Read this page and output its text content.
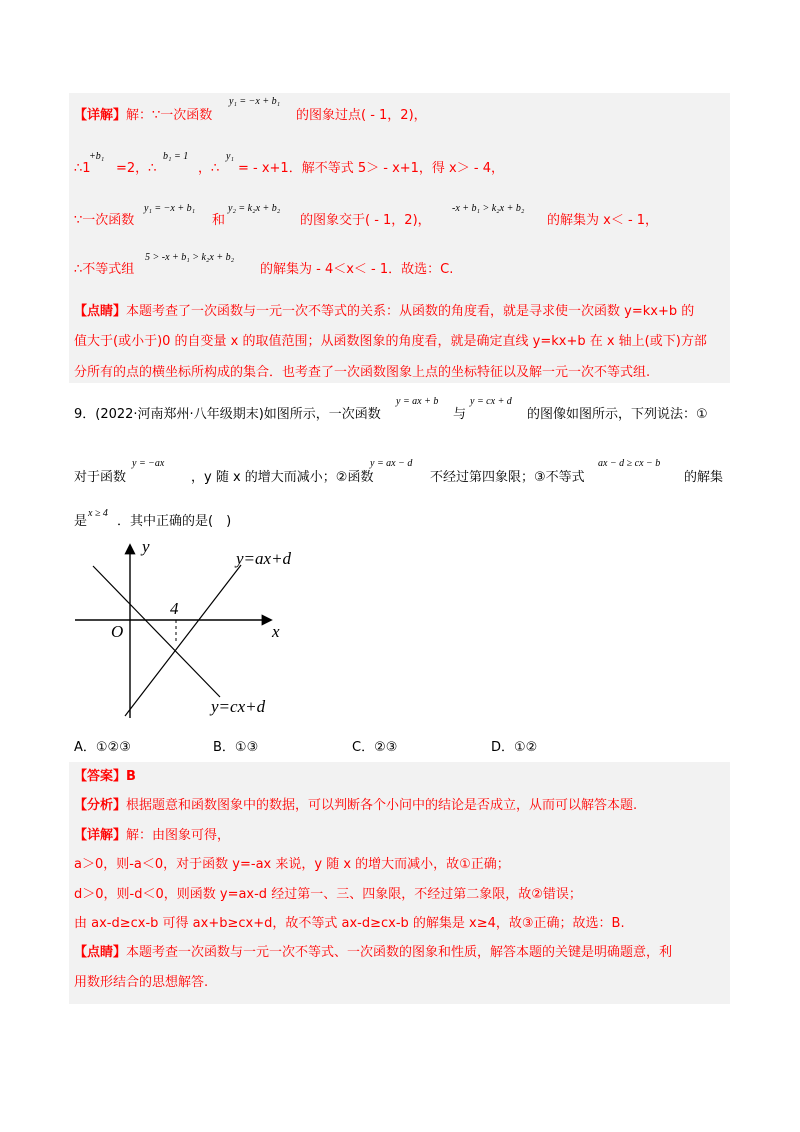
【详解】解：∵一次函数
y₁ = −x + b₁
的图象过点( - 1，2)，
∴1
+b₁
=2，∴
b₁ = 1
，∴
y₁
= - x+1．解不等式 5＞ - x+1，得 x＞ - 4，
∵一次函数
y₁ = −x + b₁
和
y₂ = k₂x + b₂
的图象交于( - 1，2)，
-x + b₁ > k₂x + b₂
的解集为 x＜ - 1，
∴不等式组
5 > -x + b₁ > k₂x + b₂
的解集为 - 4＜x＜ - 1．故选：C.
【点睛】本题考查了一次函数与一元一次不等式的关系：从函数的角度看，就是寻求使一次函数 y=kx+b 的
值大于(或小于)0 的自变量 x 的取值范围；从函数图象的角度看，就是确定直线 y=kx+b 在 x 轴上(或下)方部
分所有的点的横坐标所构成的集合．也考查了一次函数图象上点的坐标特征以及解一元一次不等式组.
9．(2022·河南郑州·八年级期末)如图所示，一次函数
y = ax + b
与
y = cx + d
的图像如图所示，下列说法：①
对于函数
y = −ax
，y 随 x 的增大而减小；②函数
y = ax − d
不经过第四象限；③不等式
ax − d ≥ cx − b
的解集
是
x ≥ 4
．其中正确的是(　)
y
x
O
4
y=ax+d
y=cx+d
A．①②③	B．①③	C．②③	D．①②
【答案】B
【分析】根据题意和函数图象中的数据，可以判断各个小问中的结论是否成立，从而可以解答本题.
【详解】解：由图象可得，
a＞0，则-a＜0，对于函数 y=-ax 来说，y 随 x 的增大而减小，故①正确；
d＞0，则-d＜0，则函数 y=ax-d 经过第一、三、四象限，不经过第二象限，故②错误；
由 ax-d≥cx-b 可得 ax+b≥cx+d，故不等式 ax-d≥cx-b 的解集是 x≥4，故③正确；故选：B.
【点睛】本题考查一次函数与一元一次不等式、一次函数的图象和性质，解答本题的关键是明确题意，利
用数形结合的思想解答.
